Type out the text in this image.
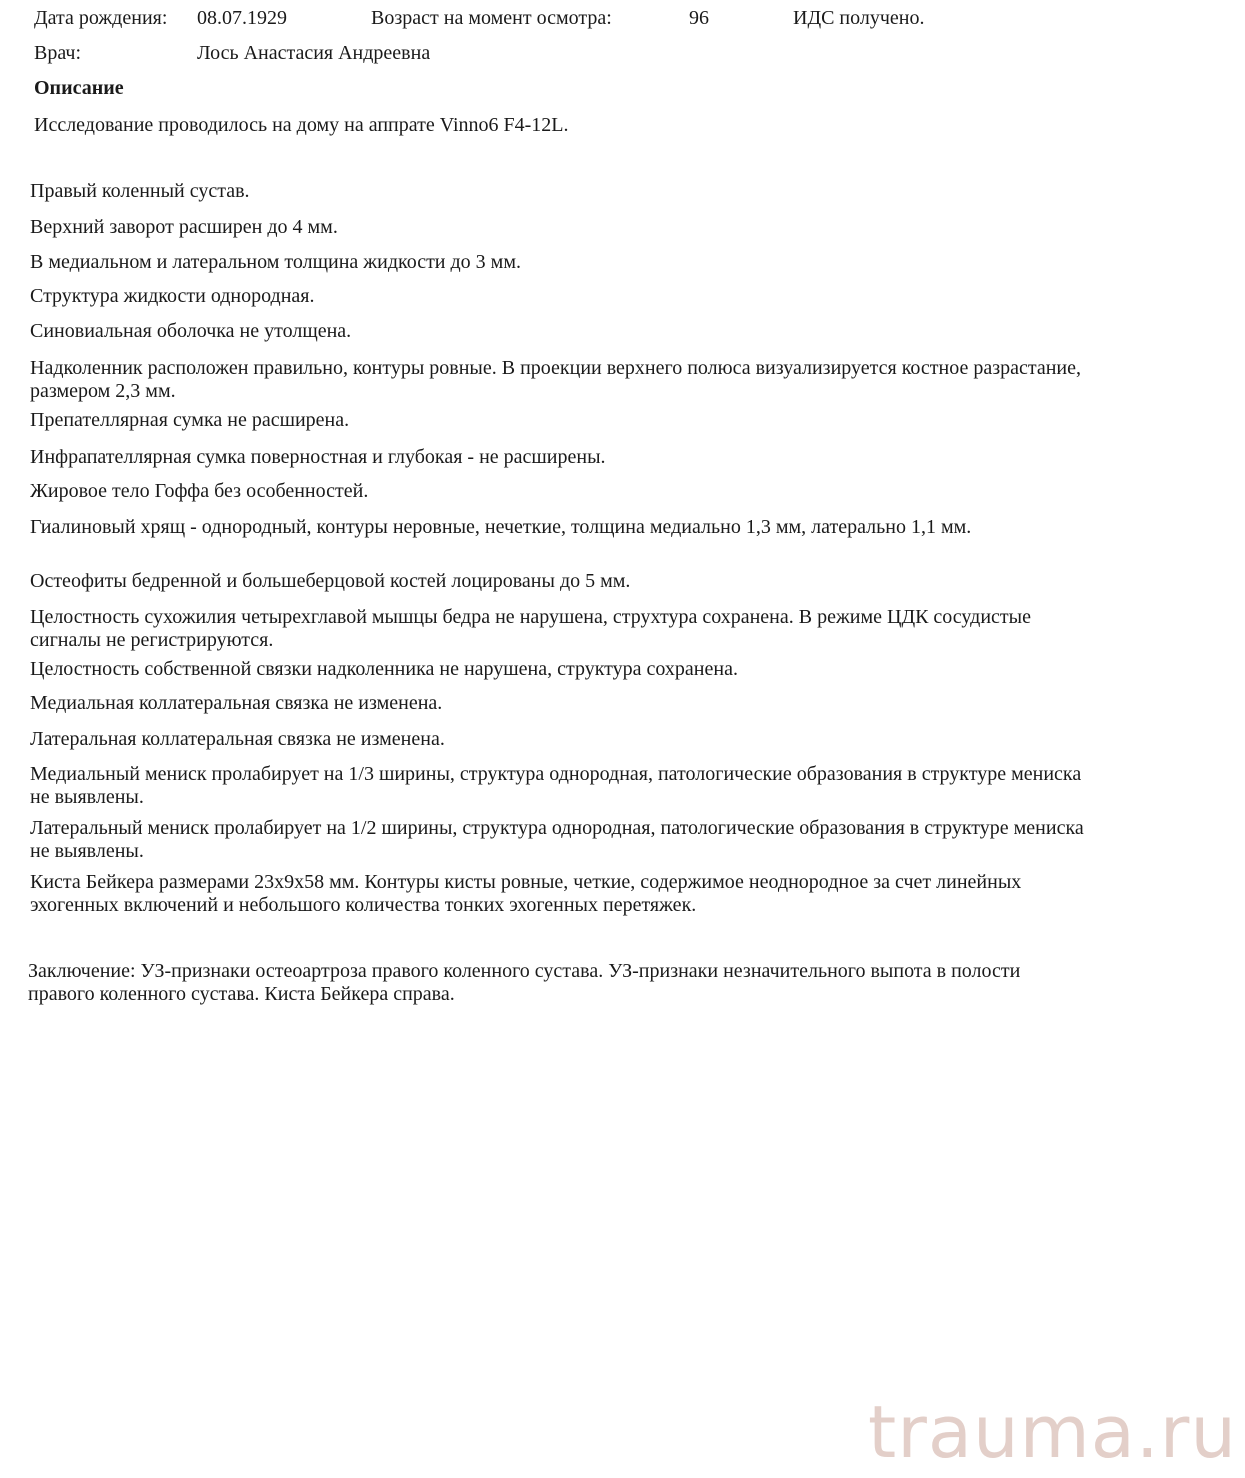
Дата рождения: 08.07.1929	Возраст на момент осмотра:	96	ИДС получено.
Врач:	Лось Анастасия Андреевна
Описание
Исследование проводилось на дому на аппрате Vinno6 F4-12L.
Правый коленный сустав.
Верхний заворот расширен до 4 мм.
В медиальном и латеральном толщина жидкости до 3 мм.
Структура жидкости однородная.
Синовиальная оболочка не утолщена.
Надколенник расположен правильно, контуры ровные. В проекции верхнего полюса визуализируется костное разрастание, размером 2,3 мм.
Препателлярная сумка не расширена.
Инфрапателлярная сумка поверностная и глубокая - не расширены.
Жировое тело Гоффа без особенностей.
Гиалиновый хрящ - однородный, контуры неровные, нечеткие, толщина медиально 1,3 мм, латерально 1,1 мм.
Остеофиты бедренной и большеберцовой костей лоцированы до 5 мм.
Целостность сухожилия четырехглавой мышцы бедра не нарушена, струхтура сохранена. В режиме ЦДК сосудистые сигналы не регистрируются.
Целостность собственной связки надколенника не нарушена, структура сохранена.
Медиальная коллатеральная связка не изменена.
Латеральная коллатеральная связка не изменена.
Медиальный мениск пролабирует на 1/3 ширины, структура однородная, патологические образования в структуре мениска не выявлены.
Латеральный мениск пролабирует на 1/2 ширины, структура однородная, патологические образования в структуре мениска не выявлены.
Киста Бейкера размерами 23х9х58 мм. Контуры кисты ровные, четкие, содержимое неоднородное за счет линейных эхогенных включений и небольшого количества тонких эхогенных перетяжек.
Заключение: УЗ-признаки остеоартроза правого коленного сустава. УЗ-признаки незначительного выпота в полости правого коленного сустава. Киста Бейкера справа.
trauma.ru
